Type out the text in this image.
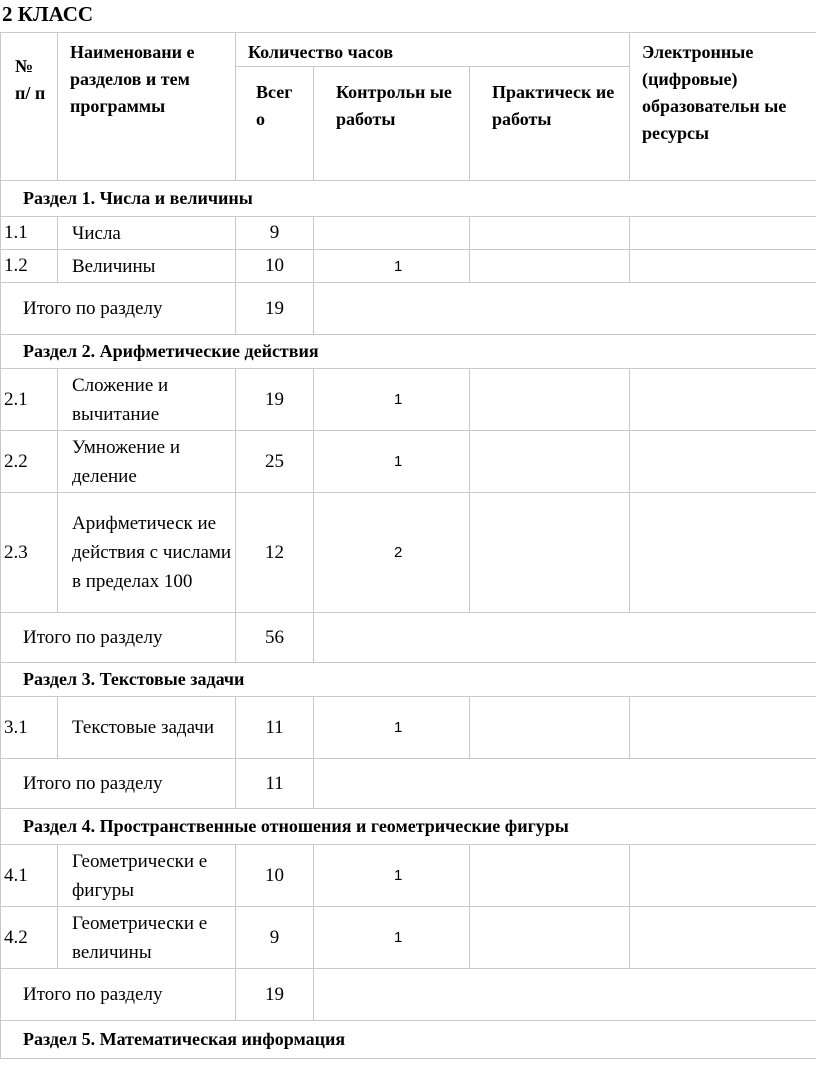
2 КЛАСС
№ п/ п	Наименовани е разделов и тем программы	Количество часов			Электронные (цифровые) образовательн ые ресурсы

		Всег о	Контрольн ые работы	Практическ ие работы	

Раздел 1. Числа и величины					
1.1	Числа	9			
1.2	Величины	10	1		
Итого по разделу		19			
Раздел 2. Арифметические действия					
2.1	Сложение и вычитание	19	1		
2.2	Умножение и деление	25	1		
2.3	Арифметическ ие действия с числами в пределах 100	12	2		
Итого по разделу		56			
Раздел 3. Текстовые задачи					
3.1	Текстовые задачи	11	1		
Итого по разделу		11			
Раздел 4. Пространственные отношения и геометрические фигуры					
4.1	Геометрически е фигуры	10	1		
4.2	Геометрически е величины	9	1		
Итого по разделу		19			
Раздел 5. Математическая информация					
